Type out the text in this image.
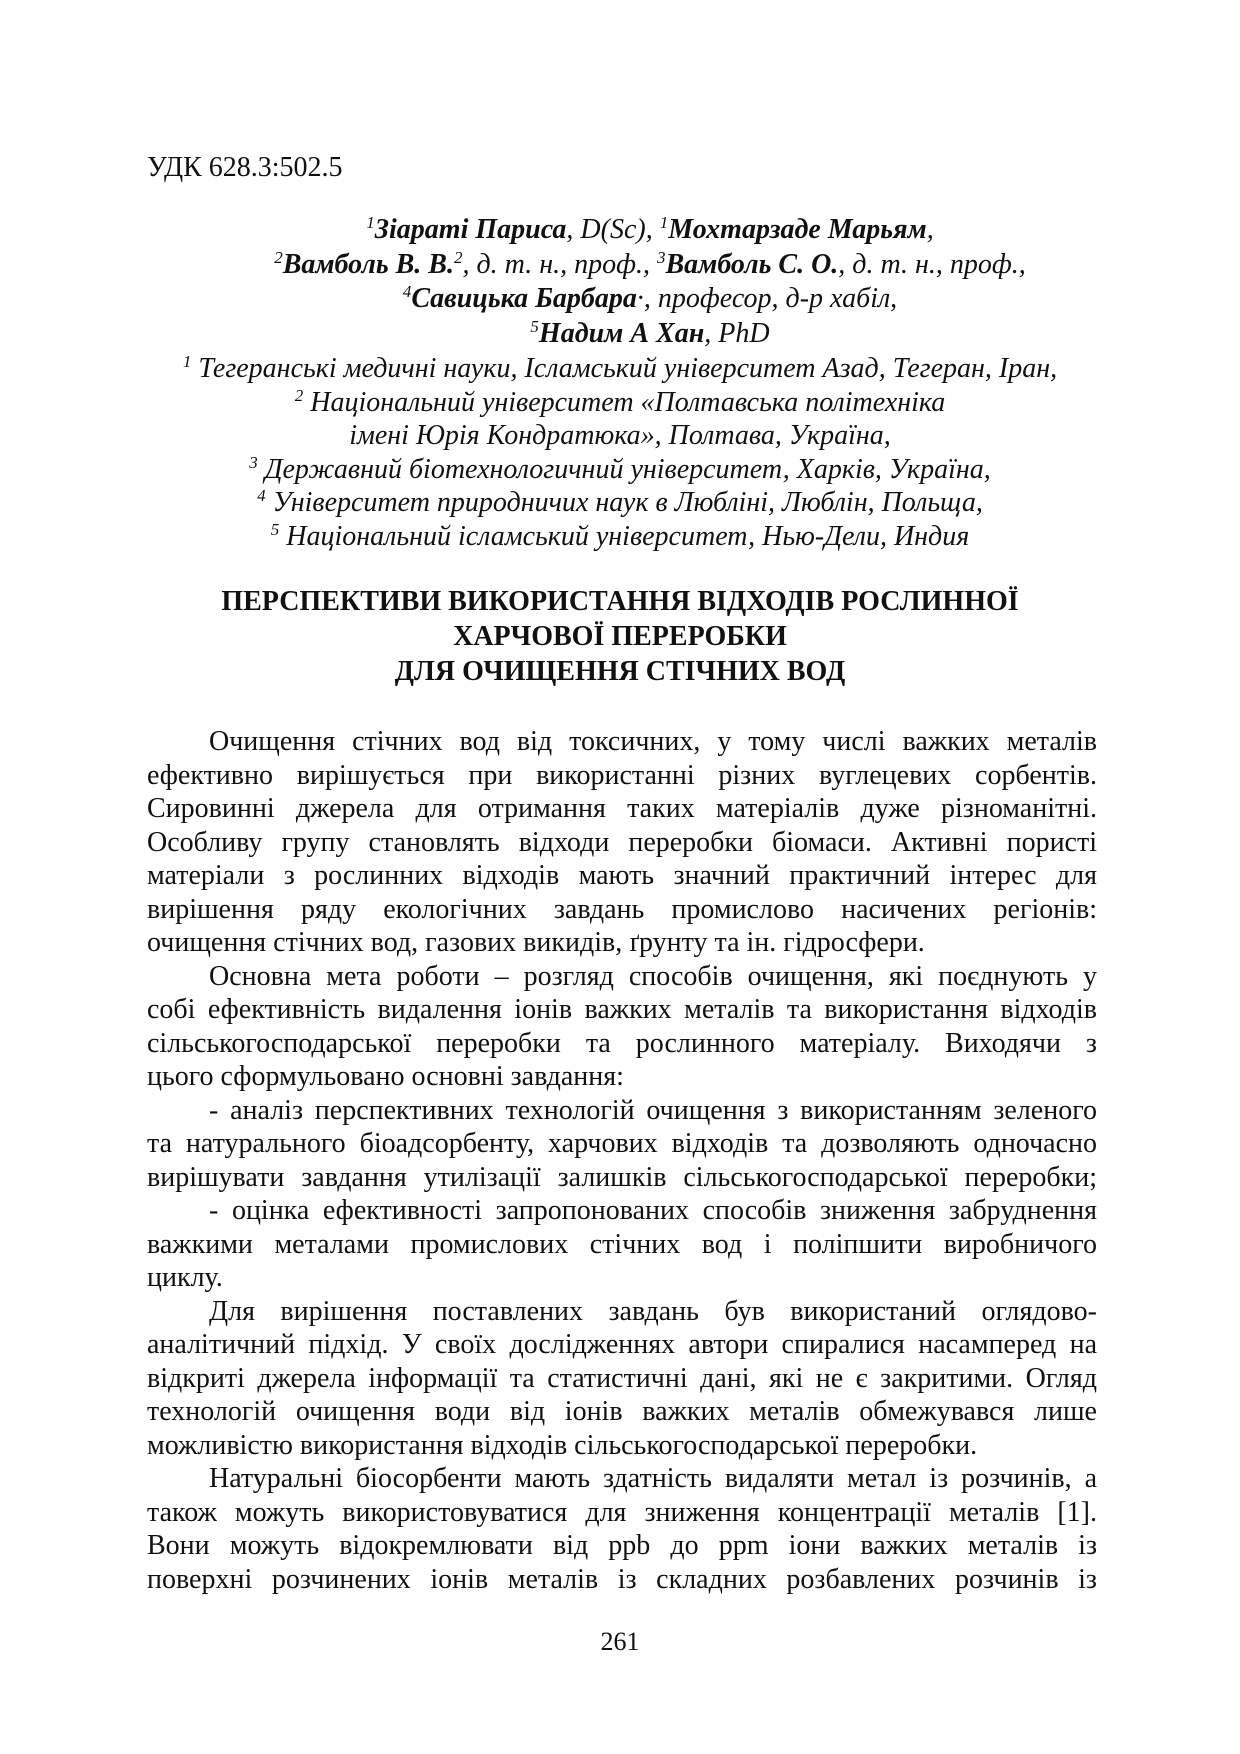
УДК 628.3:502.5
$^1$Зіараті Париса, D(Sc), $^1$Мохтарзаде Марьям,
$^2$Вамболь В. В.$^2$, д. т. н., проф., $^3$Вамболь С. О., д. т. н., проф.,
$^4$Савицька Барбара·, професор, д-р хабіл,
$^5$Надим А Хан, PhD
$^1$ Тегеранські медичні науки, Ісламський університет Азад, Тегеран, Іран,
$^2$ Національний університет «Полтавська політехніка
імені Юрія Кондратюка», Полтава, Україна,
$^3$ Державний біотехнологичний університет, Харків, Україна,
$^4$ Університет природничих наук в Любліні, Люблін, Польща,
$^5$ Національний ісламський університет, Нью-Дели, Индия
ПЕРСПЕКТИВИ ВИКОРИСТАННЯ ВІДХОДІВ РОСЛИННОЇ
ХАРЧОВОЇ ПЕРЕРОБКИ
ДЛЯ ОЧИЩЕННЯ СТІЧНИХ ВОД
Очищення стічних вод від токсичних, у тому числі важких металів
ефективно вирішується при використанні різних вуглецевих сорбентів.
Сировинні джерела для отримання таких матеріалів дуже різноманітні.
Особливу групу становлять відходи переробки біомаси. Активні пористі
матеріали з рослинних відходів мають значний практичний інтерес для
вирішення ряду екологічних завдань промислово насичених регіонів:
очищення стічних вод, газових викидів, ґрунту та ін. гідросфери.
Основна мета роботи – розгляд способів очищення, які поєднують у
собі ефективність видалення іонів важких металів та використання відходів
сільськогосподарської переробки та рослинного матеріалу. Виходячи з
цього сформульовано основні завдання:
- аналіз перспективних технологій очищення з використанням зеленого
та натурального біоадсорбенту, харчових відходів та дозволяють одночасно
вирішувати завдання утилізації залишків сільськогосподарської переробки;
- оцінка ефективності запропонованих способів зниження забруднення
важкими металами промислових стічних вод і поліпшити виробничого
циклу.
Для вирішення поставлених завдань був використаний оглядово-
аналітичний підхід. У своїх дослідженнях автори спиралися насамперед на
відкриті джерела інформації та статистичні дані, які не є закритими. Огляд
технологій очищення води від іонів важких металів обмежувався лише
можливістю використання відходів сільськогосподарської переробки.
Натуральні біосорбенти мають здатність видаляти метал із розчинів, а
також можуть використовуватися для зниження концентрації металів [1].
Вони можуть відокремлювати від ppb до ppm іони важких металів із
поверхні розчинених іонів металів із складних розбавлених розчинів із
261
